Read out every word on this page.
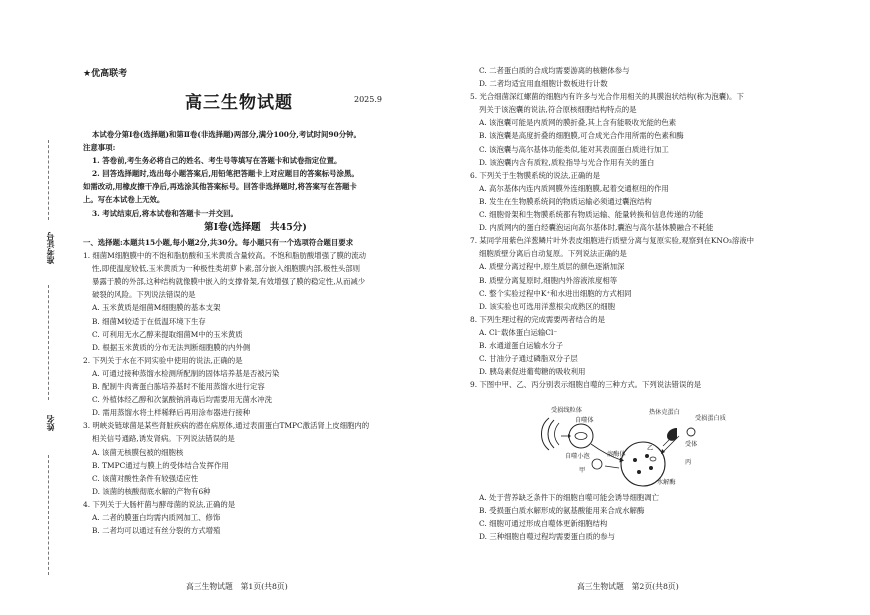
准考证号
姓名
★优高联考
高三生物试题	2025.9
本试卷分第Ⅰ卷(选择题)和第Ⅱ卷(非选择题)两部分,满分100分,考试时间90分钟。
注意事项:
1. 答卷前,考生务必将自己的姓名、考生号等填写在答题卡和试卷指定位置。
2. 回答选择题时,选出每小题答案后,用铅笔把答题卡上对应题目的答案标号涂黑。
如需改动,用橡皮擦干净后,再选涂其他答案标号。回答非选择题时,将答案写在答题卡
上。写在本试卷上无效。
3. 考试结束后,将本试卷和答题卡一并交回。
第Ⅰ卷(选择题　共45分)
一、选择题:本题共15小题,每小题2分,共30分。每小题只有一个选项符合题目要求
1. 细菌M细胞膜中的不饱和脂肪酸和玉米黄质含量较高。不饱和脂肪酸增强了膜的流动
性,即使温度较低,玉米黄质为一种极性类胡萝卜素,部分嵌入细胞膜内部,极性头部则
暴露于膜的外部,这种结构就像膜中嵌入的支撑骨架,有效增强了膜的稳定性,从而减少
破裂的风险。下列说法错误的是
A. 玉米黄质是细菌M细胞膜的基本支架
B. 细菌M较适于在低温环境下生存
C. 可利用无水乙醇来提取细菌M中的玉米黄质
D. 根据玉米黄质的分布无法判断细胞膜的内外侧
2. 下列关于水在不同实验中使用的说法,正确的是
A. 可通过接种蒸馏水检测所配制的固体培养基是否被污染
B. 配制牛肉膏蛋白胨培养基时不能用蒸馏水进行定容
C. 外植体经乙醇和次氯酸钠消毒后均需要用无菌水冲洗
D. 需用蒸馏水将土样稀释后再用涂布器进行接种
3. 明峡炎链球菌是某些肾脏疾病的潜在病原体,通过表面蛋白TMPC激活肾上皮细胞内的
相关信号通路,诱发肾病。下列说法错误的是
A. 该菌无核膜包被的细胞核
B. TMPC通过与膜上的受体结合发挥作用
C. 该菌对酸性条件有较强适应性
D. 该菌的核酸彻底水解的产物有6种
4. 下列关于大肠杆菌与酵母菌的说法,正确的是
A. 二者的膜蛋白均需内质网加工、修饰
B. 二者均可以通过有丝分裂的方式增殖
C. 二者蛋白质的合成均需要游离的核糖体参与
D. 二者均适宜用血细胞计数板进行计数
5. 光合细菌深红螺菌的细胞内有许多与光合作用相关的具膜泡状结构(称为泡囊)。下
列关于该泡囊的说法,符合原核细胞结构特点的是
A. 该泡囊可能是内质网的膜折叠,其上含有能吸收光能的色素
B. 该泡囊是高度折叠的细胞膜,可合成光合作用所需的色素和酶
C. 该泡囊与高尔基体功能类似,能对其表面蛋白质进行加工
D. 该泡囊内含有质粒,质粒指导与光合作用有关的蛋白
6. 下列关于生物膜系统的说法,正确的是
A. 高尔基体内连内质网膜外连细胞膜,起着交通枢纽的作用
B. 发生在生物膜系统间的物质运输必须通过囊泡结构
C. 细胞骨架和生物膜系统都有物质运输、能量转换和信息传递的功能
D. 内质网内的蛋白经囊泡运向高尔基体时,囊泡与高尔基体膜融合不耗能
7. 某同学用紫色洋葱鳞片叶外表皮细胞进行质壁分离与复原实验,观察到在KNO₃溶液中
细胞质壁分离后自动复原。下列说法正确的是
A. 质壁分离过程中,原生质层的颜色逐渐加深
B. 质壁分离复原时,细胞内外溶液浓度相等
C. 整个实验过程中K⁺和水进出细胞的方式相同
D. 该实验也可选用洋葱根尖成熟区的细胞
8. 下列生理过程的完成需要两者结合的是
A. Cl⁻载体蛋白运输Cl⁻
B. 水通道蛋白运输水分子
C. 甘油分子通过磷脂双分子层
D. 胰岛素促进葡萄糖的吸收利用
9. 下图中甲、乙、丙分别表示细胞自噬的三种方式。下列说法错误的是
受损线粒体
自噬体
热休克蛋白
受损蛋白质
受体
自噬小泡	溶酶体
水解酶
甲
乙
丙
A. 处于营养缺乏条件下的细胞自噬可能会诱导细胞凋亡
B. 受损蛋白质水解形成的氨基酸能用来合成水解酶
C. 细胞可通过形成自噬体更新细胞结构
D. 三种细胞自噬过程均需要蛋白质的参与
高三生物试题　第1页(共8页)	高三生物试题　第2页(共8页)
